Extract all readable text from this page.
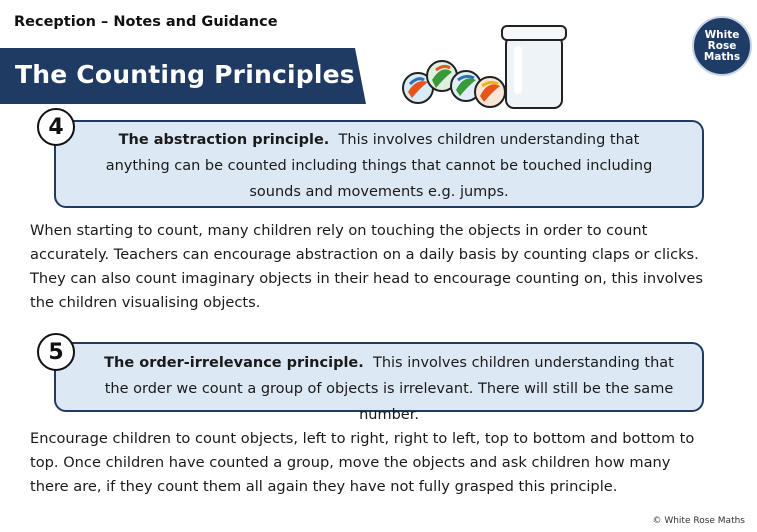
Reception – Notes and Guidance
The Counting Principles
White
Rose
Maths
The abstraction principle. This involves children understanding that anything can be counted including things that cannot be touched including sounds and movements e.g. jumps.
4
When starting to count, many children rely on touching the objects in order to count accurately. Teachers can encourage abstraction on a daily basis by counting claps or clicks. They can also count imaginary objects in their head to encourage counting on, this involves the children visualising objects.
The order-irrelevance principle. This involves children understanding that the order we count a group of objects is irrelevant. There will still be the same number.
5
Encourage children to count objects, left to right, right to left, top to bottom and bottom to top. Once children have counted a group, move the objects and ask children how many there are, if they count them all again they have not fully grasped this principle.
© White Rose Maths
